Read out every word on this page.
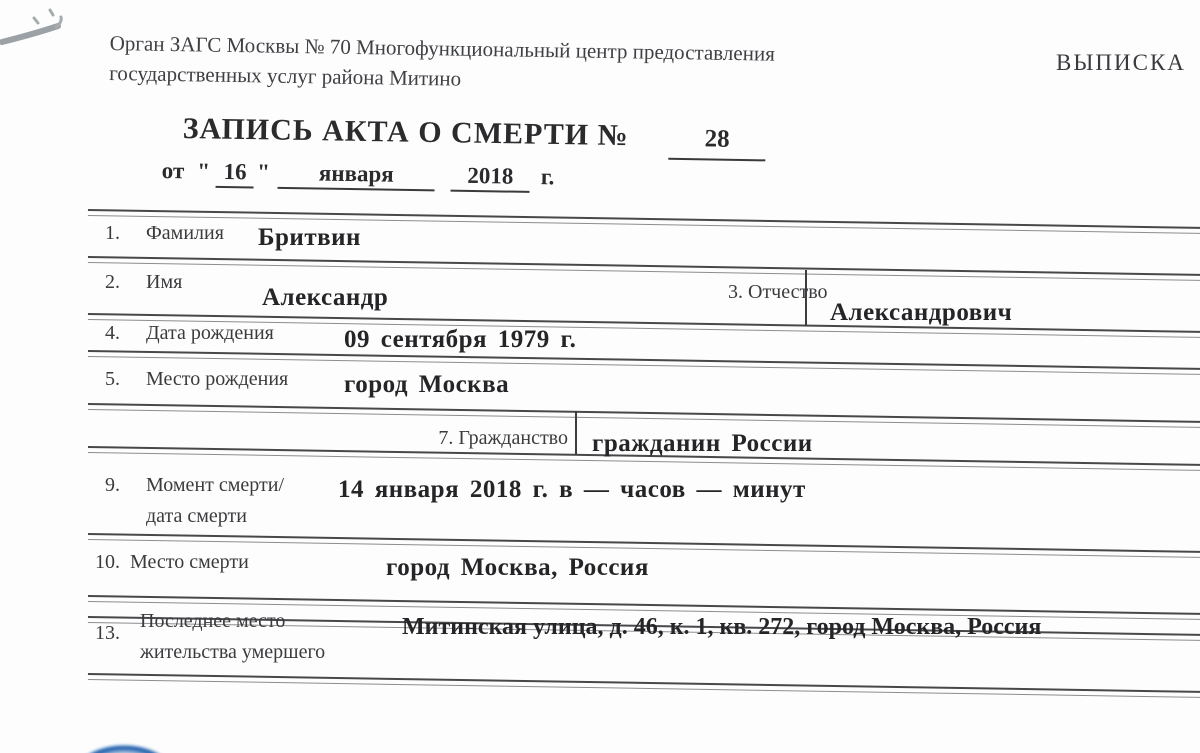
Орган ЗАГС Москвы № 70 Многофункциональный центр предоставления
государственных услуг района Митино	ВЫПИСКА
ЗАПИСЬ АКТА О СМЕРТИ №	28
от " 16 " января	2018 г.
1. Фамилия Бритвин
2. Имя
Александр	3. Отчество
Александрович
4. Дата рождения	09 сентября 1979 г.
5. Место рождения город Москва
7. Гражданство гражданин России
9. Момент смерти/
дата смерти
14 января 2018 г. в — часов — минут
10. Место смерти	город Москва, Россия
13.
Последнее место
жительства умершего
Митинская улица, д. 46, к. 1, кв. 272, город Москва, Россия
